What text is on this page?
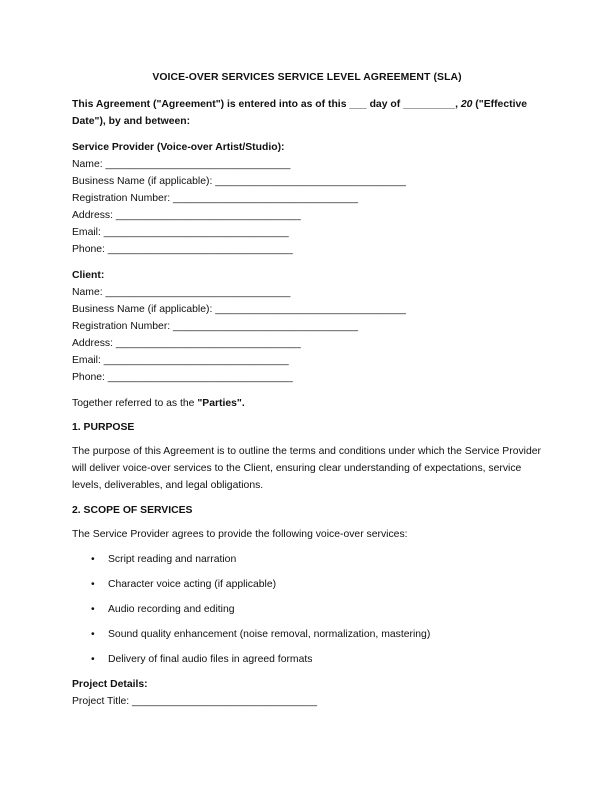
VOICE-OVER SERVICES SERVICE LEVEL AGREEMENT (SLA)
This Agreement ("Agreement") is entered into as of this ___ day of _________, 20 ("Effective Date"), by and between:
Service Provider (Voice-over Artist/Studio):
Name: ________________________________
Business Name (if applicable): _________________________________
Registration Number: ________________________________
Address: ________________________________
Email: ________________________________
Phone: ________________________________
Client:
Name: ________________________________
Business Name (if applicable): _________________________________
Registration Number: ________________________________
Address: ________________________________
Email: ________________________________
Phone: ________________________________
Together referred to as the "Parties".
1. PURPOSE
The purpose of this Agreement is to outline the terms and conditions under which the Service Provider will deliver voice-over services to the Client, ensuring clear understanding of expectations, service levels, deliverables, and legal obligations.
2. SCOPE OF SERVICES
The Service Provider agrees to provide the following voice-over services:
• Script reading and narration
• Character voice acting (if applicable)
• Audio recording and editing
• Sound quality enhancement (noise removal, normalization, mastering)
• Delivery of final audio files in agreed formats
Project Details:
Project Title: ________________________________
